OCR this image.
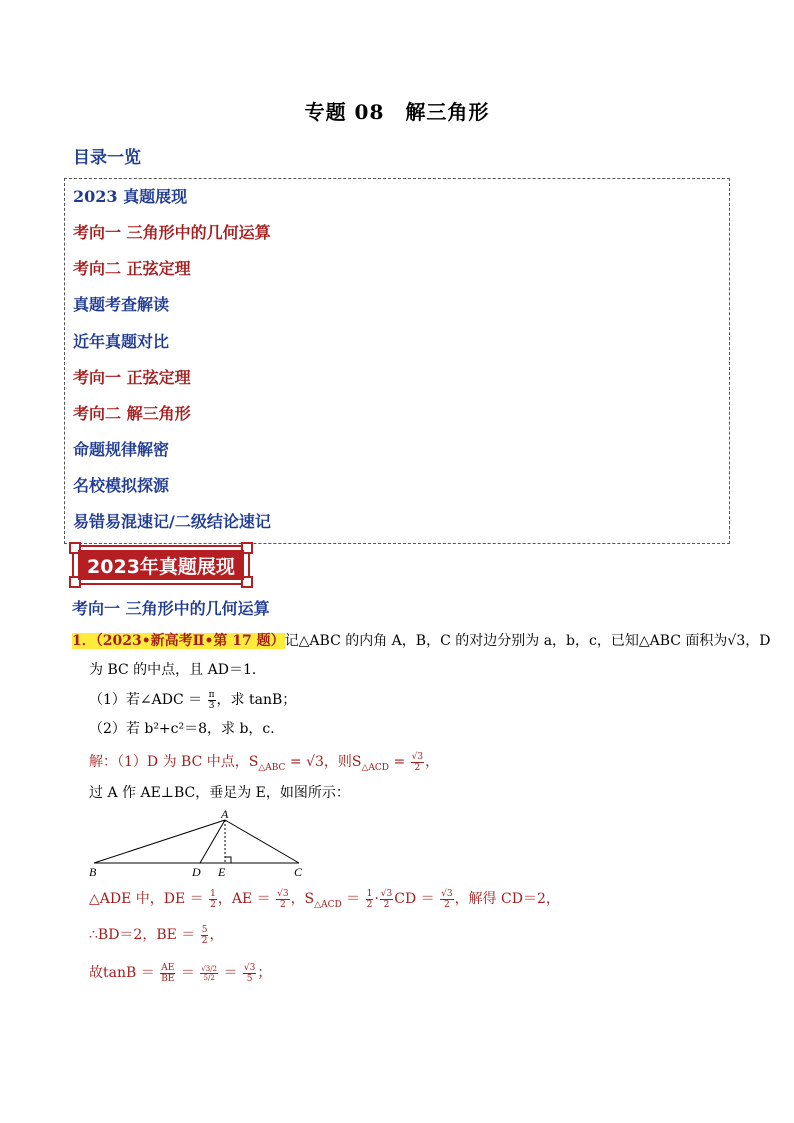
专题 08　解三角形
目录一览
2023 真题展现
考向一 三角形中的几何运算
考向二 正弦定理
真题考查解读
近年真题对比
考向一 正弦定理
考向二 解三角形
命题规律解密
名校模拟探源
易错易混速记/二级结论速记
2023年真题展现
考向一 三角形中的几何运算
1．（2023•新高考Ⅱ•第 17 题）记△ABC 的内角 A，B，C 的对边分别为 a，b，c，已知△ABC 面积为√3，D
为 BC 的中点，且 AD＝1．
（1）若∠ADC ＝ $\frac{\pi}{3}$ ，求 tanB；
（2）若 b²+c²＝8，求 b，c．
解：（1）D 为 BC 中点，$S_{\triangle ABC} = √3$，则$S_{\triangle ACD} = \frac{√3}{2}$ ，
过 A 作 AE⊥BC，垂足为 E，如图所示：
A
B	C
D E
△ADE 中，DE ＝ $\frac{1}{2}$ ，AE ＝ $\frac{√3}{2}$ ，$S_{\triangle ACD} = \frac{1}{2} \cdot \frac{√3}{2}$ CD ＝ $\frac{√3}{2}$ ，解得 CD＝2，
∴BD＝2，BE ＝ $\frac{5}{2}$ ，
故$\tan B = \frac{AE}{BE} = \frac{√3/2}{5/2} = \frac{√3}{5}$ ；
